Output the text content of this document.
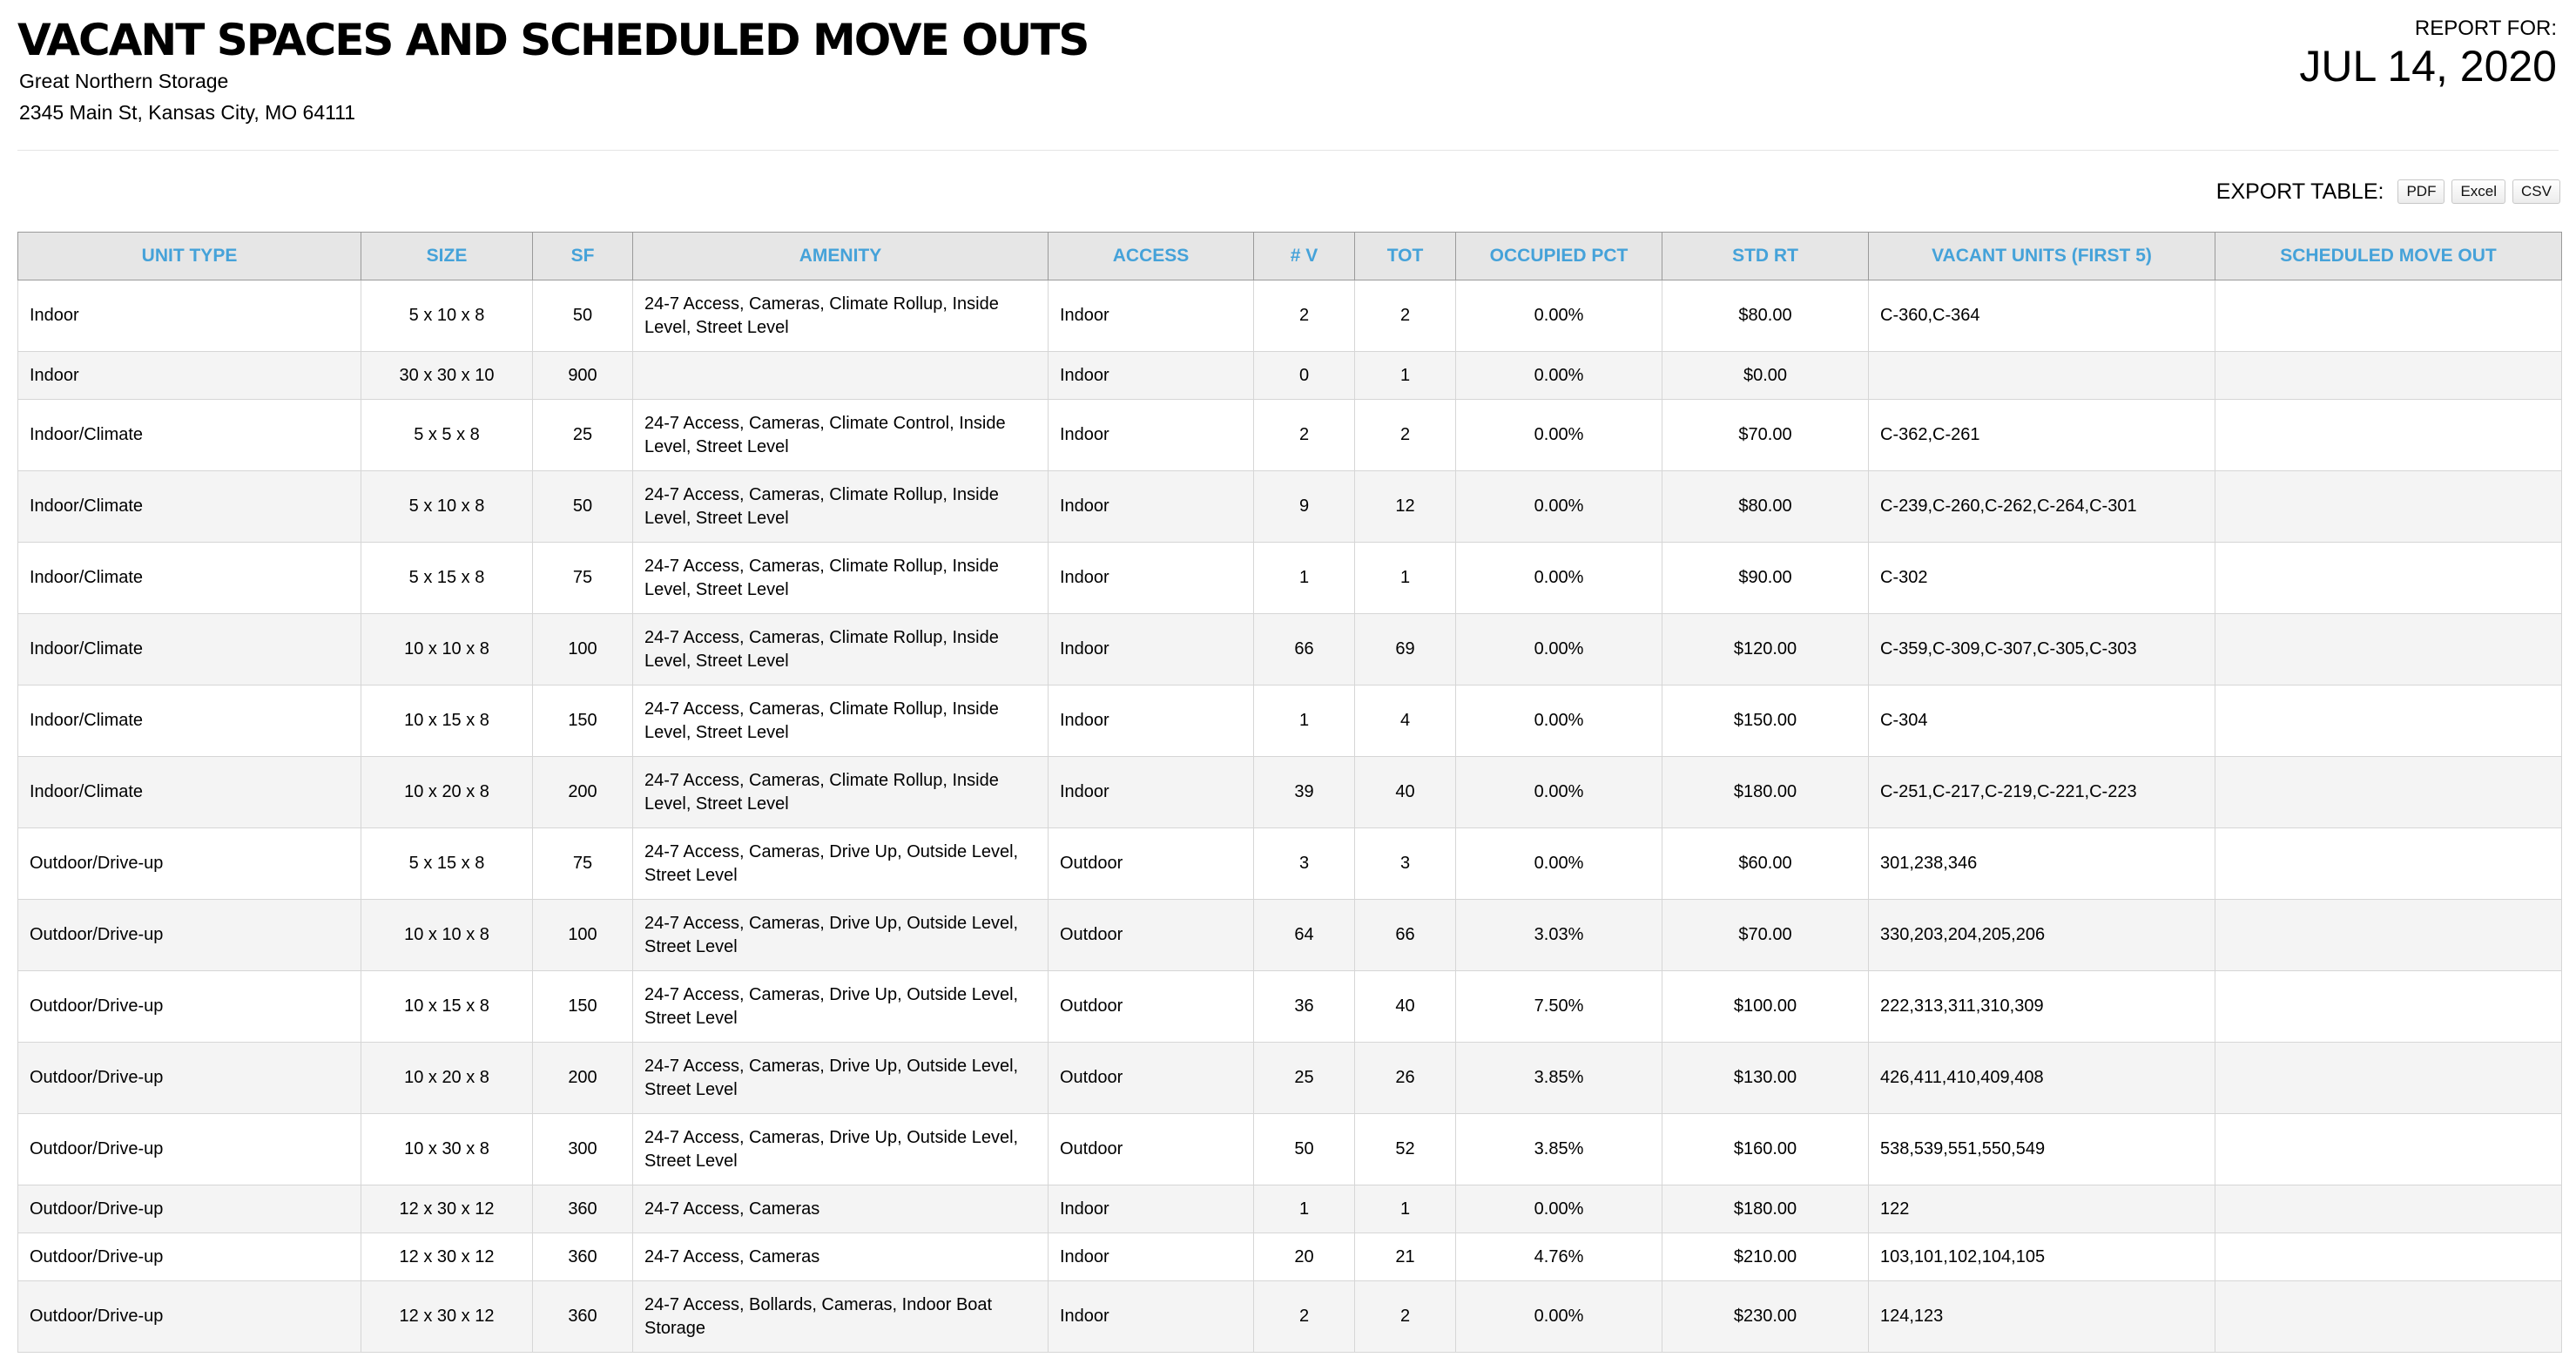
VACANT SPACES AND SCHEDULED MOVE OUTS
Great Northern Storage
2345 Main St, Kansas City, MO 64111
REPORT FOR:
JUL 14, 2020
EXPORT TABLE:	PDF	Excel	CSV
UNIT TYPE	SIZE	SF	AMENITY	ACCESS	# V	TOT	OCCUPIED PCT	STD RT	VACANT UNITS (FIRST 5)	SCHEDULED MOVE OUT
Indoor	5 x 10 x 8	50	24-7 Access, Cameras, Climate Rollup, Inside Level, Street Level	Indoor	2	2	0.00%	$80.00	C-360,C-364	
Indoor	30 x 30 x 10	900		Indoor	0	1	0.00%	$0.00		
Indoor/Climate	5 x 5 x 8	25	24-7 Access, Cameras, Climate Control, Inside Level, Street Level	Indoor	2	2	0.00%	$70.00	C-362,C-261	
Indoor/Climate	5 x 10 x 8	50	24-7 Access, Cameras, Climate Rollup, Inside Level, Street Level	Indoor	9	12	0.00%	$80.00	C-239,C-260,C-262,C-264,C-301	
Indoor/Climate	5 x 15 x 8	75	24-7 Access, Cameras, Climate Rollup, Inside Level, Street Level	Indoor	1	1	0.00%	$90.00	C-302	
Indoor/Climate	10 x 10 x 8	100	24-7 Access, Cameras, Climate Rollup, Inside Level, Street Level	Indoor	66	69	0.00%	$120.00	C-359,C-309,C-307,C-305,C-303	
Indoor/Climate	10 x 15 x 8	150	24-7 Access, Cameras, Climate Rollup, Inside Level, Street Level	Indoor	1	4	0.00%	$150.00	C-304	
Indoor/Climate	10 x 20 x 8	200	24-7 Access, Cameras, Climate Rollup, Inside Level, Street Level	Indoor	39	40	0.00%	$180.00	C-251,C-217,C-219,C-221,C-223	
Outdoor/Drive-up	5 x 15 x 8	75	24-7 Access, Cameras, Drive Up, Outside Level, Street Level	Outdoor	3	3	0.00%	$60.00	301,238,346	
Outdoor/Drive-up	10 x 10 x 8	100	24-7 Access, Cameras, Drive Up, Outside Level, Street Level	Outdoor	64	66	3.03%	$70.00	330,203,204,205,206	
Outdoor/Drive-up	10 x 15 x 8	150	24-7 Access, Cameras, Drive Up, Outside Level, Street Level	Outdoor	36	40	7.50%	$100.00	222,313,311,310,309	
Outdoor/Drive-up	10 x 20 x 8	200	24-7 Access, Cameras, Drive Up, Outside Level, Street Level	Outdoor	25	26	3.85%	$130.00	426,411,410,409,408	
Outdoor/Drive-up	10 x 30 x 8	300	24-7 Access, Cameras, Drive Up, Outside Level, Street Level	Outdoor	50	52	3.85%	$160.00	538,539,551,550,549	
Outdoor/Drive-up	12 x 30 x 12	360	24-7 Access, Cameras	Indoor	1	1	0.00%	$180.00	122	
Outdoor/Drive-up	12 x 30 x 12	360	24-7 Access, Cameras	Indoor	20	21	4.76%	$210.00	103,101,102,104,105	
Outdoor/Drive-up	12 x 30 x 12	360	24-7 Access, Bollards, Cameras, Indoor Boat Storage	Indoor	2	2	0.00%	$230.00	124,123	
